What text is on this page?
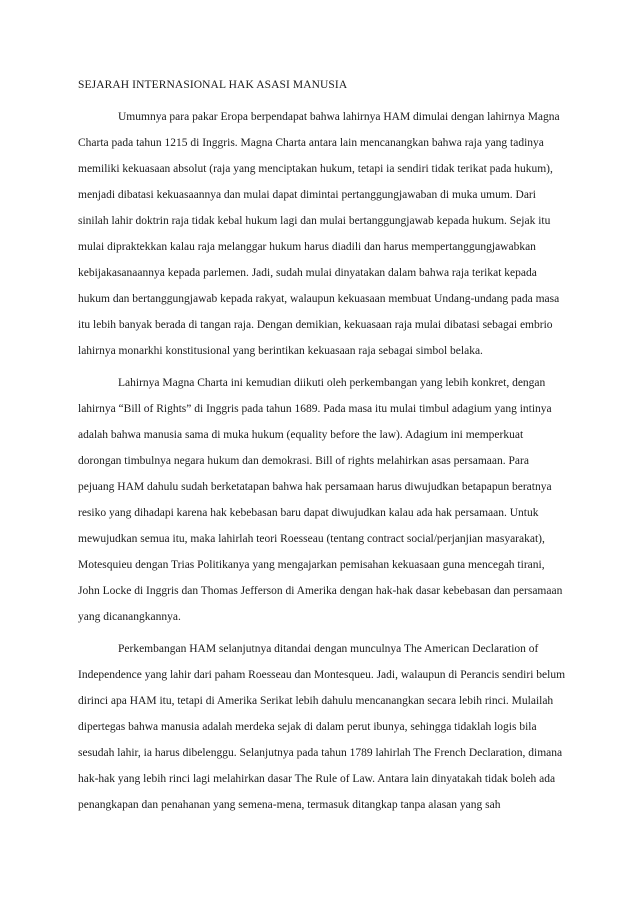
SEJARAH INTERNASIONAL HAK ASASI MANUSIA

Umumnya para pakar Eropa berpendapat bahwa lahirnya HAM dimulai dengan lahirnya Magna Charta pada tahun 1215 di Inggris. Magna Charta antara lain mencanangkan bahwa raja yang tadinya memiliki kekuasaan absolut (raja yang menciptakan hukum, tetapi ia sendiri tidak terikat pada hukum), menjadi dibatasi kekuasaannya dan mulai dapat dimintai pertanggungjawaban di muka umum. Dari sinilah lahir doktrin raja tidak kebal hukum lagi dan mulai bertanggungjawab kepada hukum. Sejak itu mulai dipraktekkan kalau raja melanggar hukum harus diadili dan harus mempertanggungjawabkan kebijakasanaannya kepada parlemen. Jadi, sudah mulai dinyatakan dalam bahwa raja terikat kepada hukum dan bertanggungjawab kepada rakyat, walaupun kekuasaan membuat Undang-undang pada masa itu lebih banyak berada di tangan raja. Dengan demikian, kekuasaan raja mulai dibatasi sebagai embrio lahirnya monarkhi konstitusional yang berintikan kekuasaan raja sebagai simbol belaka.

Lahirnya Magna Charta ini kemudian diikuti oleh perkembangan yang lebih konkret, dengan lahirnya “Bill of Rights” di Inggris pada tahun 1689. Pada masa itu mulai timbul adagium yang intinya adalah bahwa manusia sama di muka hukum (equality before the law). Adagium ini memperkuat dorongan timbulnya negara hukum dan demokrasi. Bill of rights melahirkan asas persamaan. Para pejuang HAM dahulu sudah berketatapan bahwa hak persamaan harus diwujudkan betapapun beratnya resiko yang dihadapi karena hak kebebasan baru dapat diwujudkan kalau ada hak persamaan. Untuk mewujudkan semua itu, maka lahirlah teori Roesseau (tentang contract social/perjanjian masyarakat), Motesquieu dengan Trias Politikanya yang mengajarkan pemisahan kekuasaan guna mencegah tirani, John Locke di Inggris dan Thomas Jefferson di Amerika dengan hak-hak dasar kebebasan dan persamaan yang dicanangkannya.

Perkembangan HAM selanjutnya ditandai dengan munculnya The American Declaration of Independence yang lahir dari paham Roesseau dan Montesqueu. Jadi, walaupun di Perancis sendiri belum dirinci apa HAM itu, tetapi di Amerika Serikat lebih dahulu mencanangkan secara lebih rinci. Mulailah dipertegas bahwa manusia adalah merdeka sejak di dalam perut ibunya, sehingga tidaklah logis bila sesudah lahir, ia harus dibelenggu. Selanjutnya pada tahun 1789 lahirlah The French Declaration, dimana hak-hak yang lebih rinci lagi melahirkan dasar The Rule of Law. Antara lain dinyatakah tidak boleh ada penangkapan dan penahanan yang semena-mena, termasuk ditangkap tanpa alasan yang sah
